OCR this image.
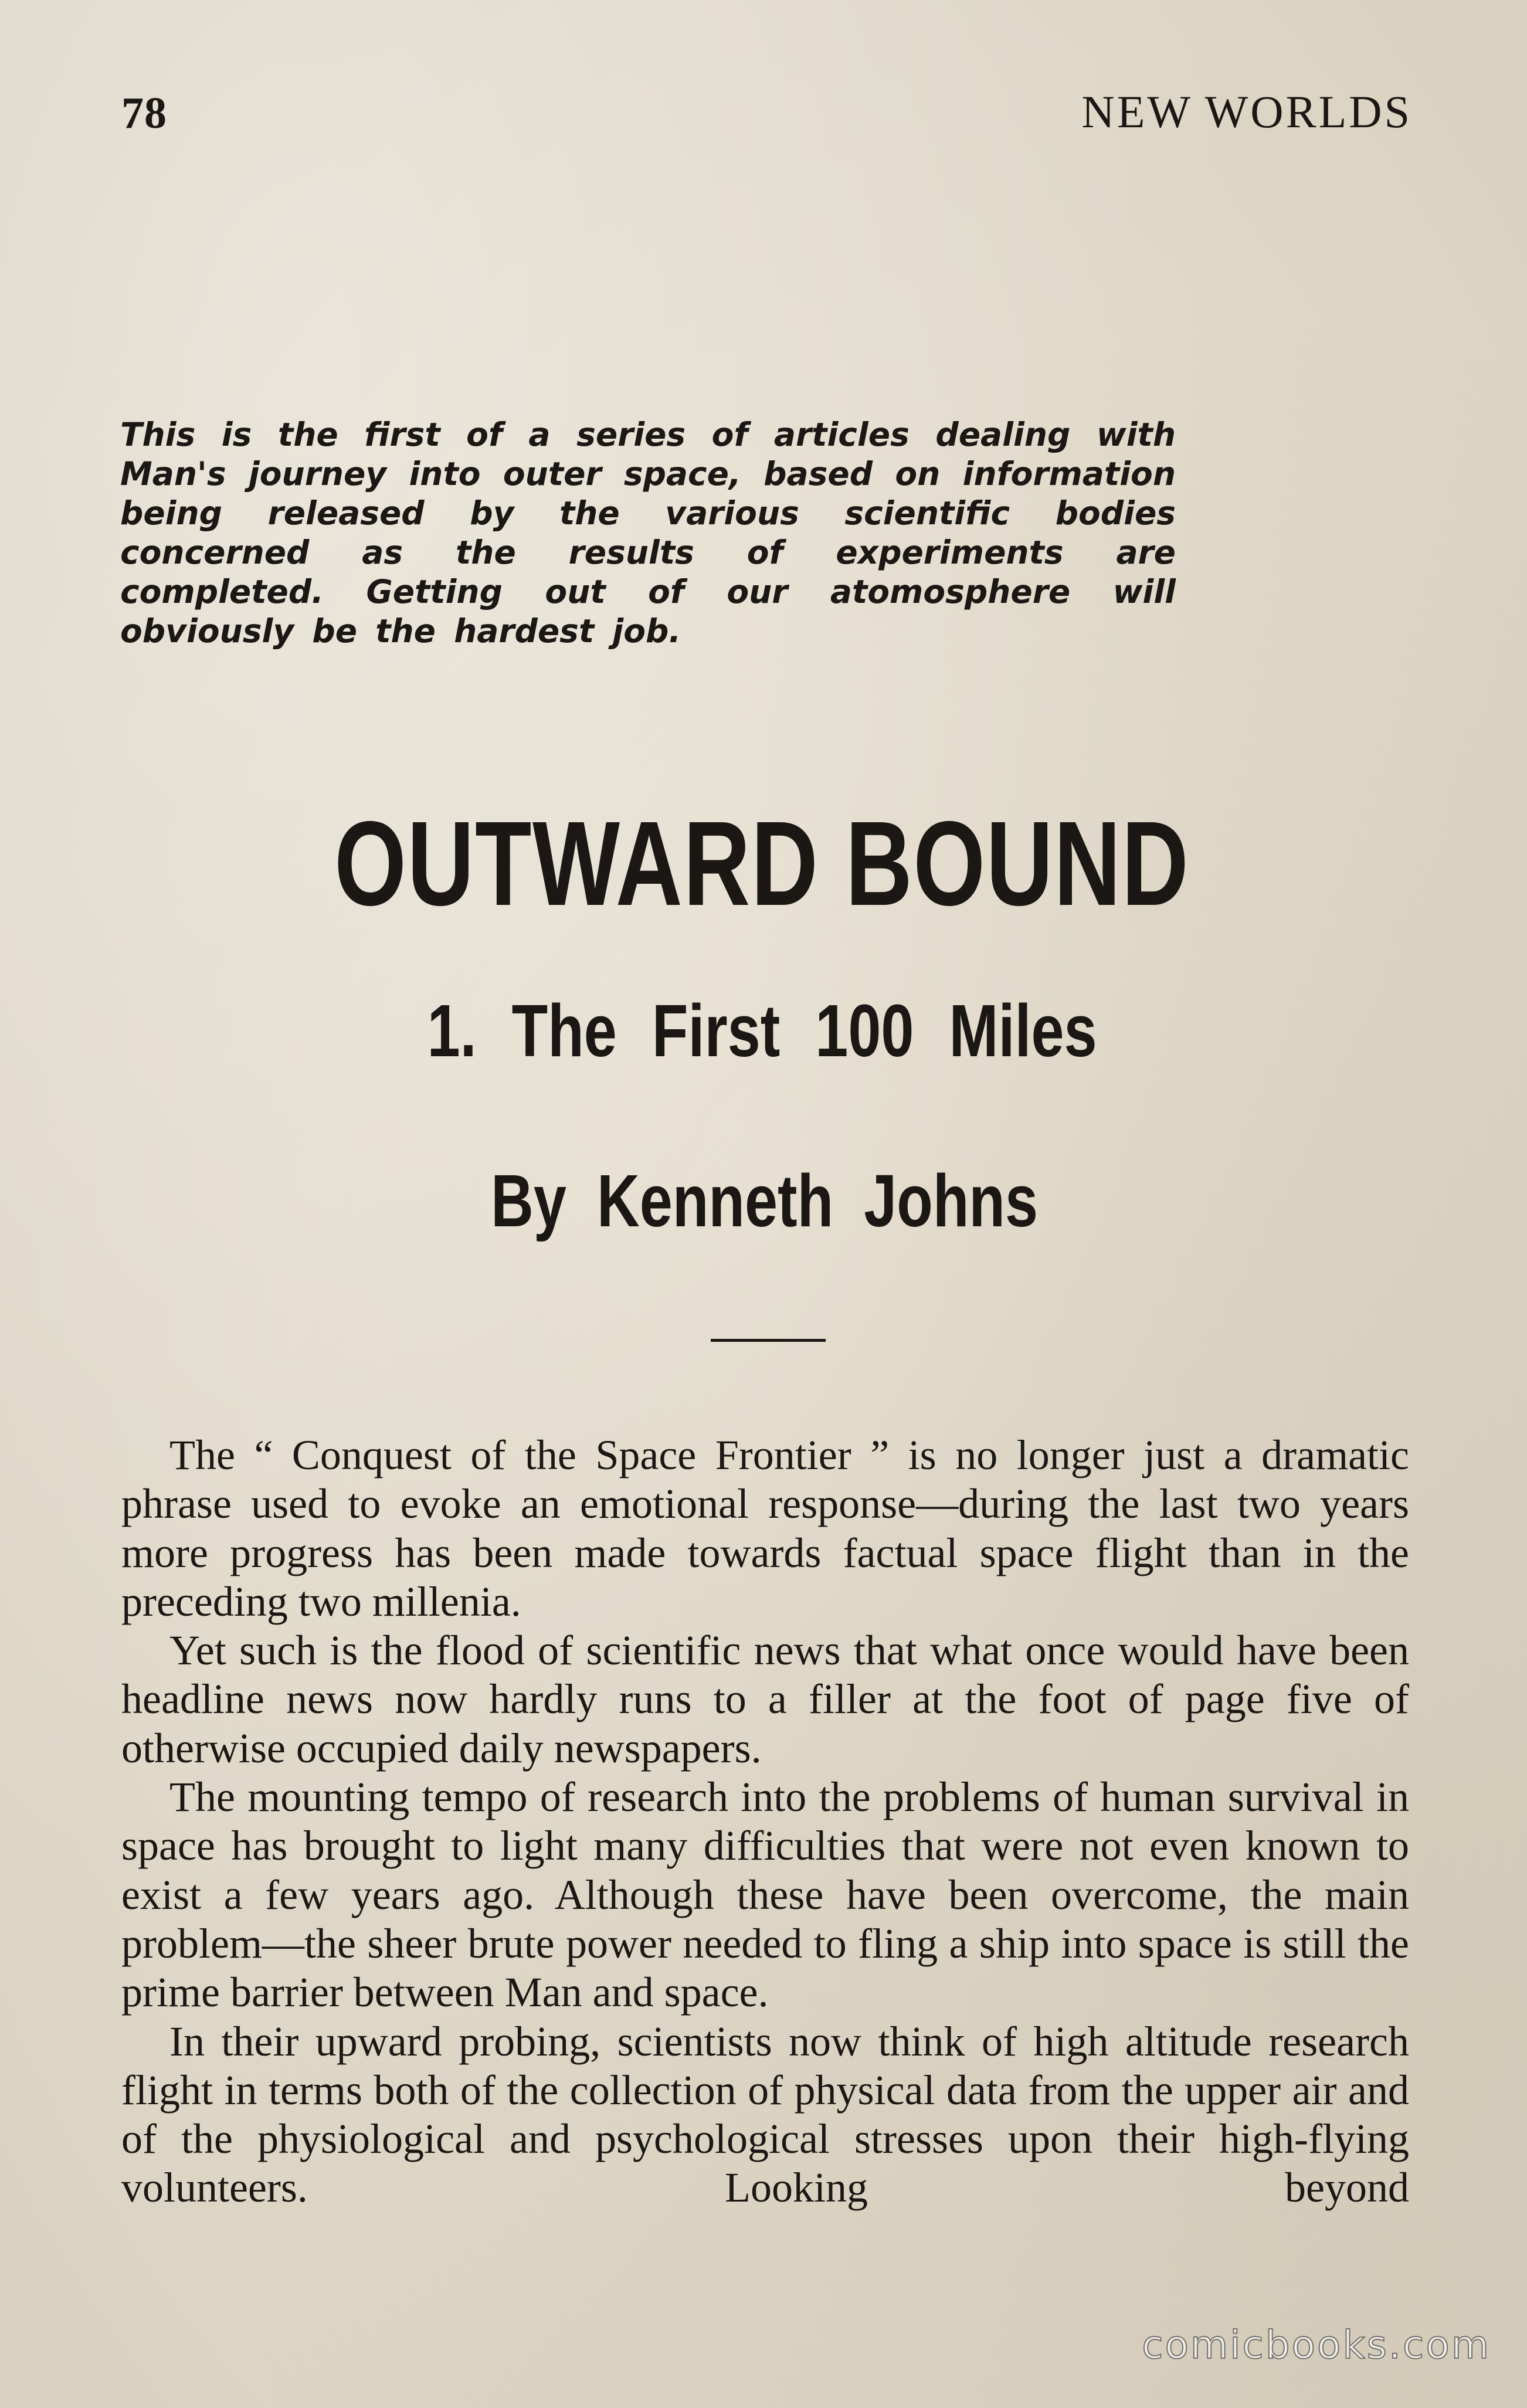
78	NEW WORLDS
This is the first of a series of articles dealing with Man's journey into outer space, based on information being released by the various scientific bodies concerned as the results of experiments are completed. Getting out of our atomosphere will obviously be the hardest job.
OUTWARD BOUND
1. The First 100 Miles
By Kenneth Johns

The “ Conquest of the Space Frontier ” is no longer just a dramatic phrase used to evoke an emotional response—during the last two years more progress has been made towards factual space flight than in the preceding two millenia.

Yet such is the flood of scientific news that what once would have been headline news now hardly runs to a filler at the foot of page five of otherwise occupied daily newspapers.

The mounting tempo of research into the problems of human survival in space has brought to light many difficulties that were not even known to exist a few years ago. Although these have been overcome, the main problem—the sheer brute power needed to fling a ship into space is still the prime barrier between Man and space.

In their upward probing, scientists now think of high altitude research flight in terms both of the collection of physical data from the upper air and of the physiological and psychological stresses upon their high-flying volunteers. Looking beyond

comicbooks.com
